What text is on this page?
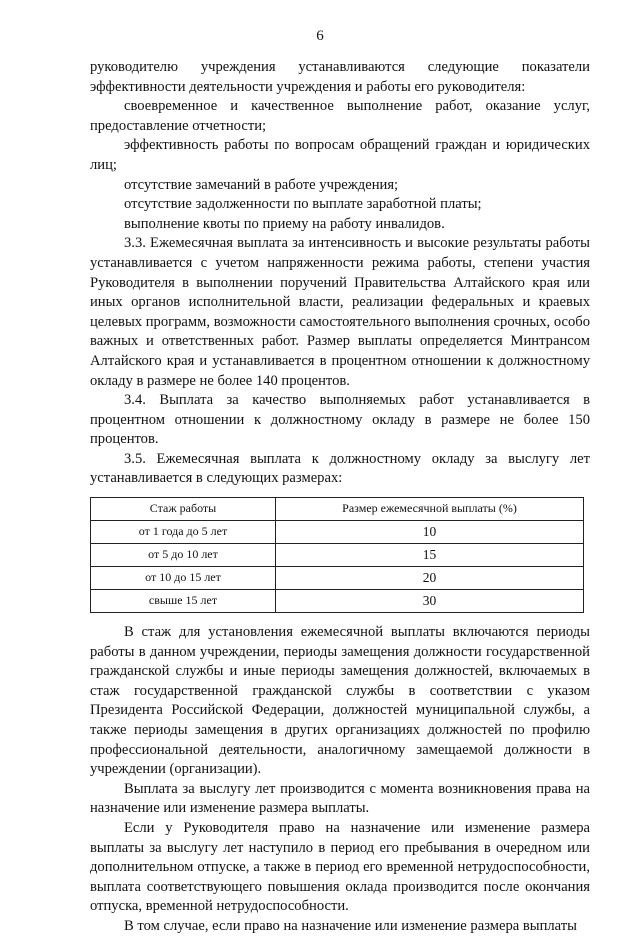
6

руководителю учреждения устанавливаются следующие показатели эффективности деятельности учреждения и работы его руководителя:

своевременное и качественное выполнение работ, оказание услуг, предоставление отчетности;

эффективность работы по вопросам обращений граждан и юридических лиц;

отсутствие замечаний в работе учреждения;

отсутствие задолженности по выплате заработной платы;

выполнение квоты по приему на работу инвалидов.

3.3. Ежемесячная выплата за интенсивность и высокие результаты работы устанавливается с учетом напряженности режима работы, степени участия Руководителя в выполнении поручений Правительства Алтайского края или иных органов исполнительной власти, реализации федеральных и краевых целевых программ, возможности самостоятельного выполнения срочных, особо важных и ответственных работ. Размер выплаты определяется Минтрансом Алтайского края и устанавливается в процентном отношении к должностному окладу в размере не более 140 процентов.

3.4. Выплата за качество выполняемых работ устанавливается в процентном отношении к должностному окладу в размере не более 150 процентов.

3.5. Ежемесячная выплата к должностному окладу за выслугу лет устанавливается в следующих размерах:

Стаж работы	Размер ежемесячной выплаты (%)
от 1 года до 5 лет	10
от 5 до 10 лет	15
от 10 до 15 лет	20
свыше 15 лет	30

В стаж для установления ежемесячной выплаты включаются периоды работы в данном учреждении, периоды замещения должности государственной гражданской службы и иные периоды замещения должностей, включаемых в стаж государственной гражданской службы в соответствии с указом Президента Российской Федерации, должностей муниципальной службы, а также периоды замещения в других организациях должностей по профилю профессиональной деятельности, аналогичному замещаемой должности в учреждении (организации).

Выплата за выслугу лет производится с момента возникновения права на назначение или изменение размера выплаты.

Если у Руководителя право на назначение или изменение размера выплаты за выслугу лет наступило в период его пребывания в очередном или дополнительном отпуске, а также в период его временной нетрудоспособности, выплата соответствующего повышения оклада производится после окончания отпуска, временной нетрудоспособности.

В том случае, если право на назначение или изменение размера выплаты
